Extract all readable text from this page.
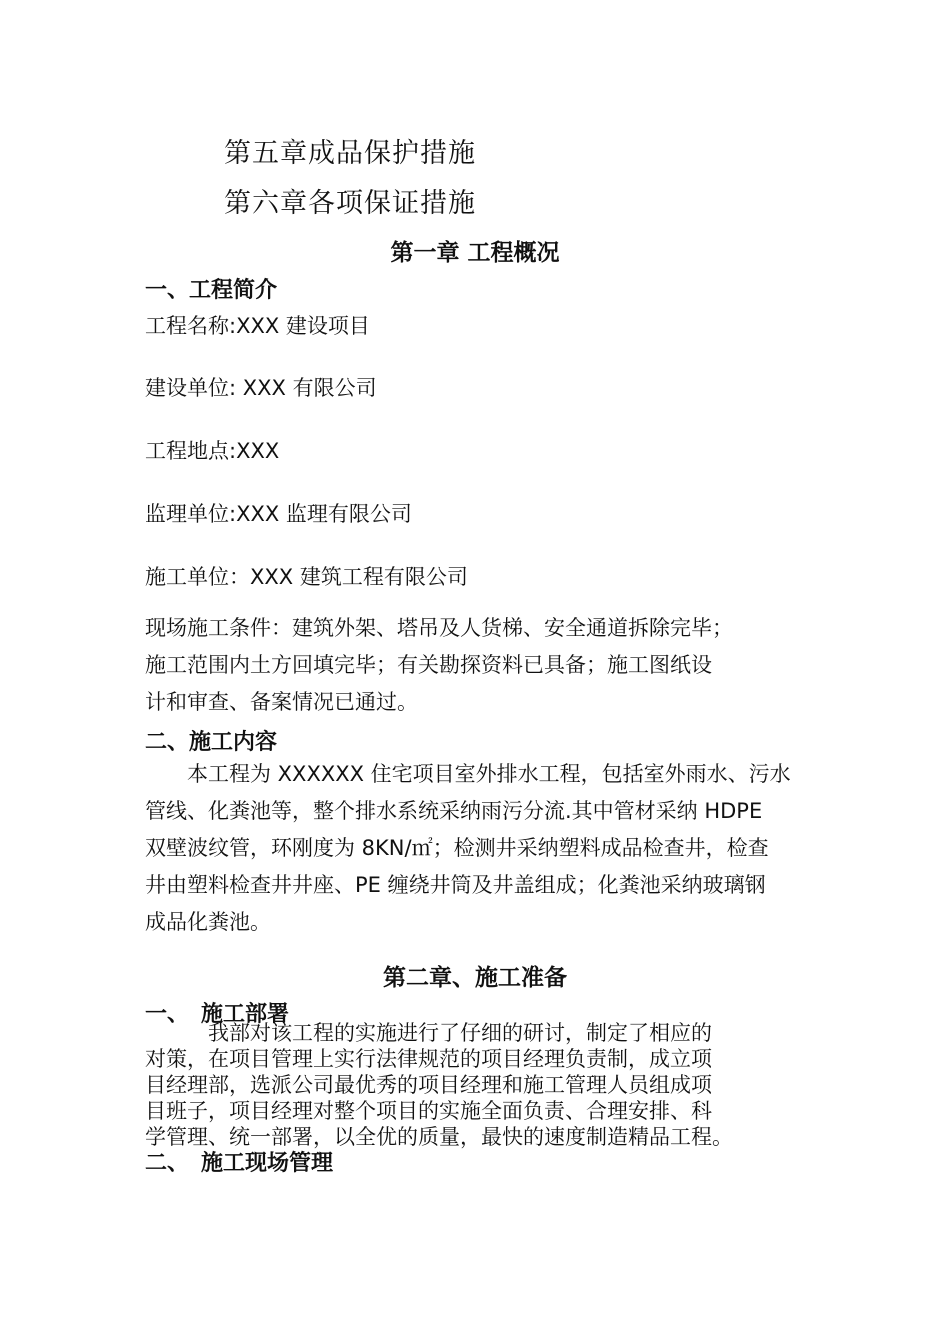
第五章成品保护措施
第六章各项保证措施
第一章 工程概况
一、工程简介
工程名称:XXX 建设项目
建设单位: XXX 有限公司
工程地点:XXX
监理单位:XXX 监理有限公司
施工单位：XXX 建筑工程有限公司
现场施工条件：建筑外架、塔吊及人货梯、安全通道拆除完毕；
施工范围内土方回填完毕；有关勘探资料已具备；施工图纸设
计和审查、备案情况已通过。
二、施工内容
　　本工程为 XXXXXX 住宅项目室外排水工程，包括室外雨水、污水
管线、化粪池等，整个排水系统采纳雨污分流.其中管材采纳 HDPE
双壁波纹管，环刚度为 8KN/㎡；检测井采纳塑料成品检查井，检查
井由塑料检查井井座、PE 缠绕井筒及井盖组成；化粪池采纳玻璃钢
成品化粪池。
第二章、施工准备
一、 施工部署
　　　我部对该工程的实施进行了仔细的研讨，制定了相应的
对策，在项目管理上实行法律规范的项目经理负责制，成立项
目经理部，选派公司最优秀的项目经理和施工管理人员组成项
目班子，项目经理对整个项目的实施全面负责、合理安排、科
学管理、统一部署，以全优的质量，最快的速度制造精品工程。
二、 施工现场管理
